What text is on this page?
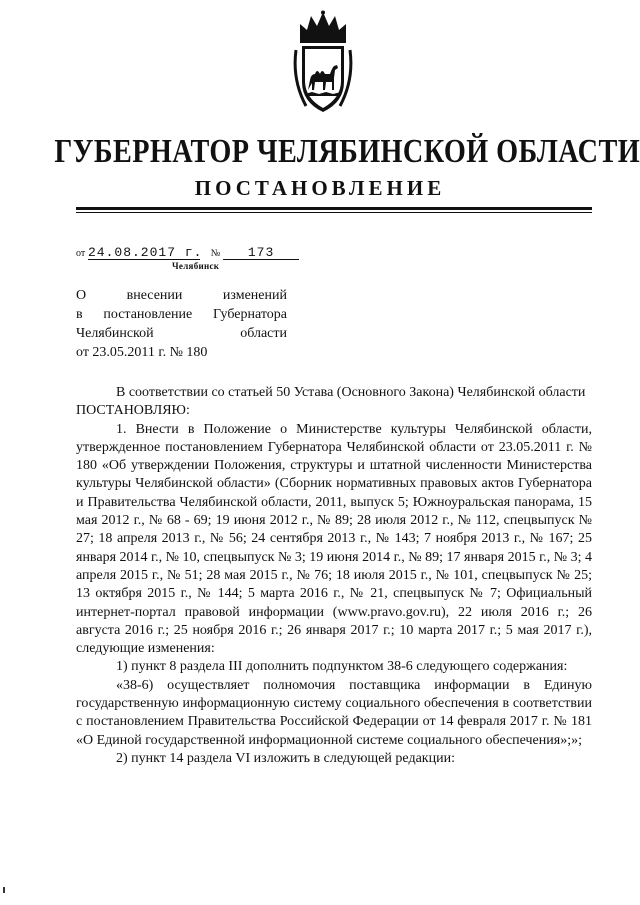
ГУБЕРНАТОР ЧЕЛЯБИНСКОЙ ОБЛАСТИ
ПОСТАНОВЛЕНИЕ
от 24.08.2017 г. № 173
Челябинск
О внесении изменений
в постановление Губернатора
Челябинской области
от 23.05.2011 г. № 180

В соответствии со статьей 50 Устава (Основного Закона) Челябинской области

ПОСТАНОВЛЯЮ:

1. Внести в Положение о Министерстве культуры Челябинской области, утвержденное постановлением Губернатора Челябинской области от 23.05.2011 г. № 180 «Об утверждении Положения, структуры и штатной численности Министерства культуры Челябинской области» (Сборник нормативных правовых актов Губернатора и Правительства Челябинской области, 2011, выпуск 5; Южноуральская панорама, 15 мая 2012 г., № 68 - 69; 19 июня 2012 г., № 89; 28 июля 2012 г., № 112, спецвыпуск № 27; 18 апреля 2013 г., № 56; 24 сентября 2013 г., № 143; 7 ноября 2013 г., № 167; 25 января 2014 г., № 10, спецвыпуск № 3; 19 июня 2014 г., № 89; 17 января 2015 г., № 3; 4 апреля 2015 г., № 51; 28 мая 2015 г., № 76; 18 июля 2015 г., № 101, спецвыпуск № 25; 13 октября 2015 г., № 144; 5 марта 2016 г., № 21, спецвыпуск № 7; Официальный интернет-портал правовой информации (www.pravo.gov.ru), 22 июля 2016 г.; 26 августа 2016 г.; 25 ноября 2016 г.; 26 января 2017 г.; 10 марта 2017 г.; 5 мая 2017 г.), следующие изменения:

1) пункт 8 раздела III дополнить подпунктом 38-6 следующего содержания:

«38-6) осуществляет полномочия поставщика информации в Единую государственную информационную систему социального обеспечения в соответствии с постановлением Правительства Российской Федерации от 14 февраля 2017 г. № 181 «О Единой государственной информационной системе социального обеспечения»;»;

2) пункт 14 раздела VI изложить в следующей редакции:
